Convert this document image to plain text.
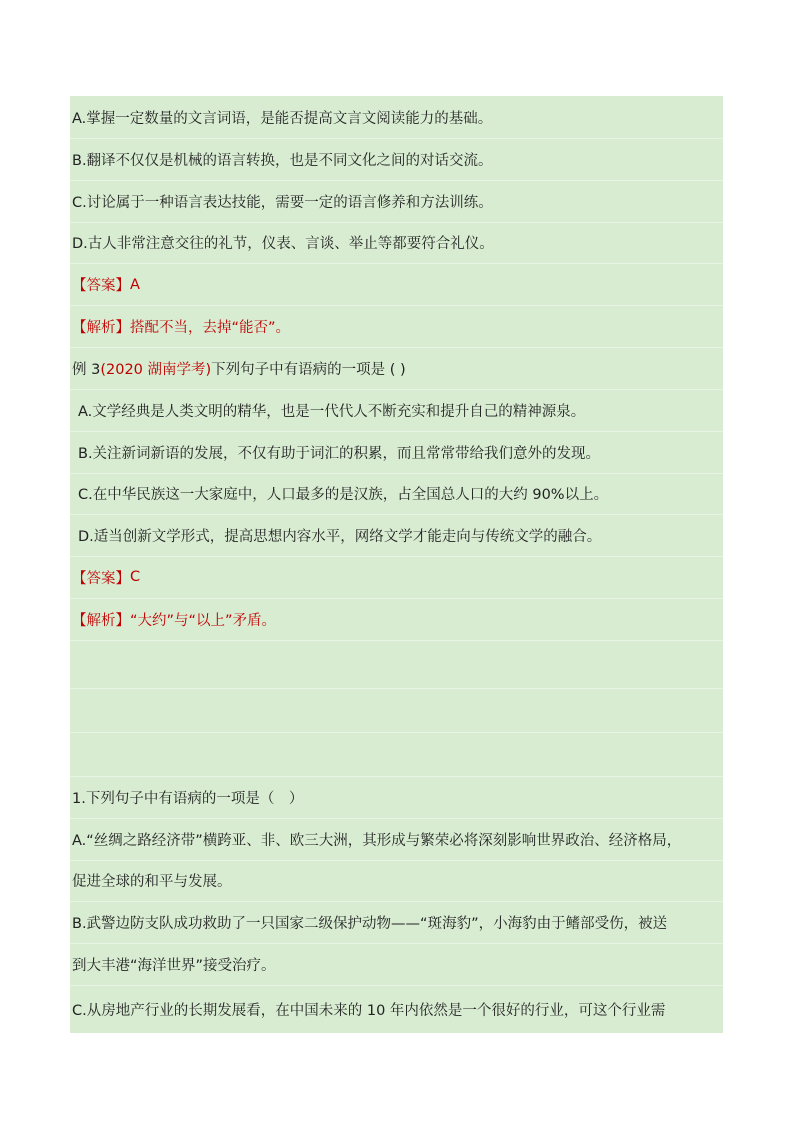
A.掌握一定数量的文言词语，是能否提高文言文阅读能力的基础。
B.翻译不仅仅是机械的语言转换，也是不同文化之间的对话交流。
C.讨论属于一种语言表达技能，需要一定的语言修养和方法训练。
D.古人非常注意交往的礼节，仪表、言谈、举止等都要符合礼仪。
【答案】 A
【解析】 搭配不当，去掉“能否”。
例 3 (2020 湖南学考) 下列句子中有语病的一项是 ( )
A.文学经典是人类文明的精华，也是一代代人不断充实和提升自己的精神源泉。
B.关注新词新语的发展，不仅有助于词汇的积累，而且常常带给我们意外的发现。
C.在中华民族这一大家庭中，人口最多的是汉族，占全国总人口的大约 90%以上。
D.适当创新文学形式，提高思想内容水平，网络文学才能走向与传统文学的融合。
【答案】 C
【解析】 “大约”与“以上”矛盾。
1.下列句子中有语病的一项是（　）
A.“丝绸之路经济带”横跨亚、非、欧三大洲，其形成与繁荣必将深刻影响世界政治、经济格局，
促进全球的和平与发展。
B.武警边防支队成功救助了一只国家二级保护动物——“斑海豹”，小海豹由于鳍部受伤，被送
到大丰港“海洋世界”接受治疗。
C.从房地产行业的长期发展看，在中国未来的 10 年内依然是一个很好的行业，可这个行业需
